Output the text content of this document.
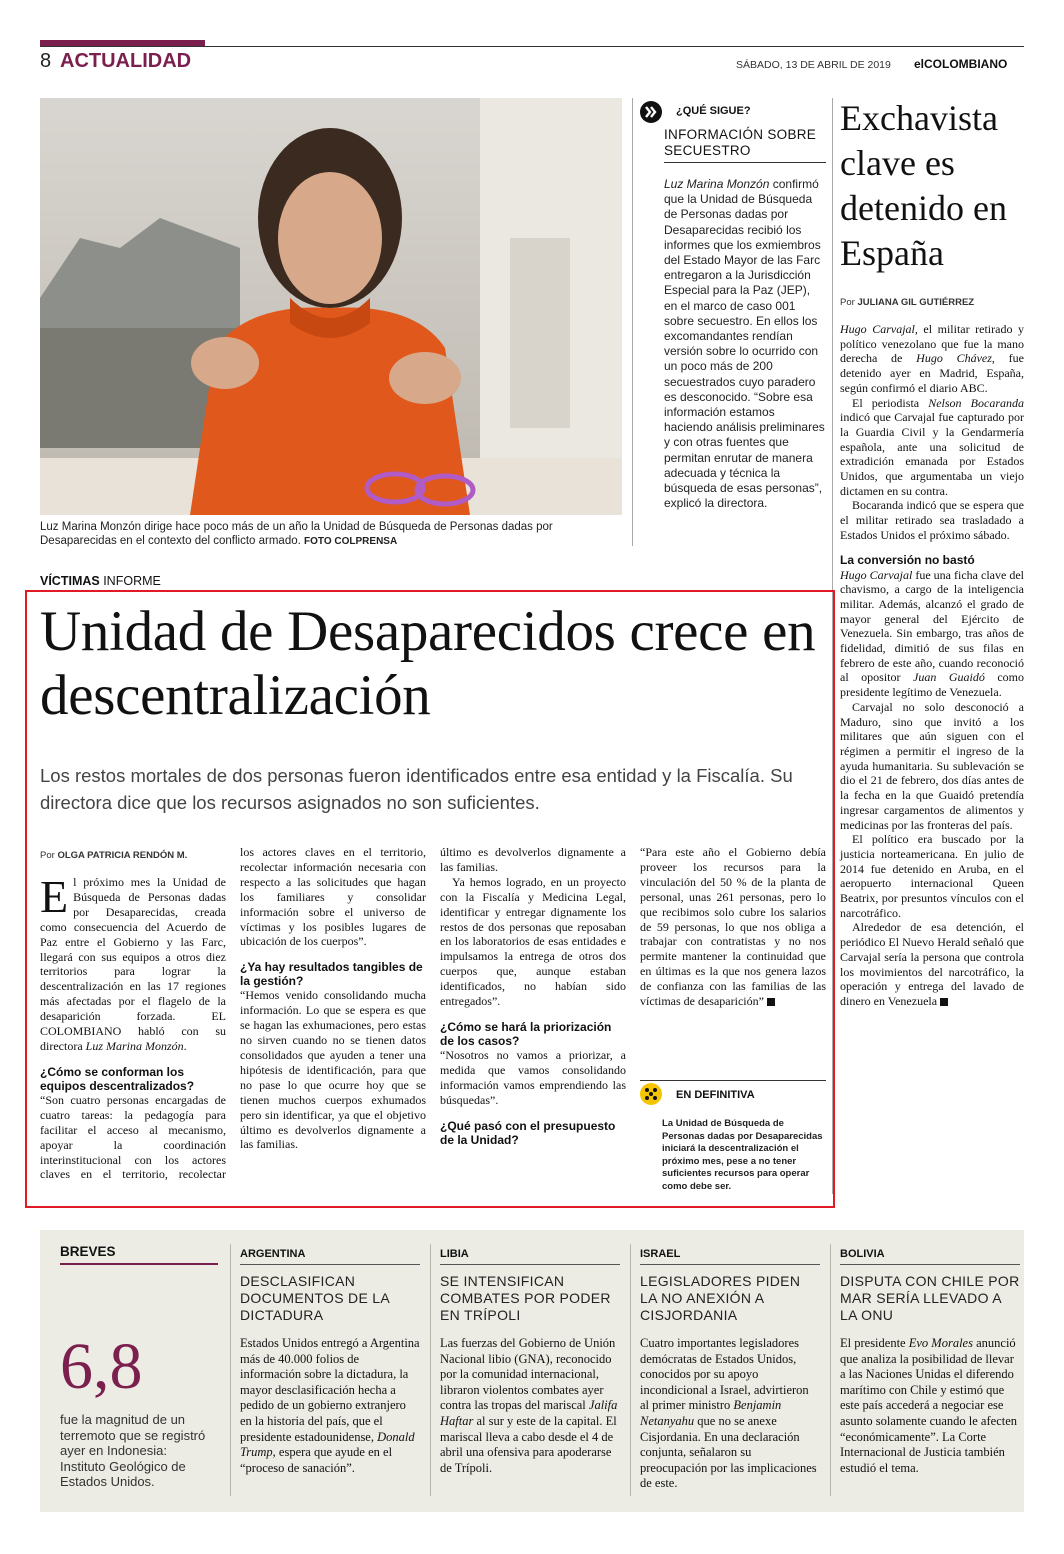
8 ACTUALIDAD	SÁBADO, 13 DE ABRIL DE 2019 elCOLOMBIANO
Luz Marina Monzón dirige hace poco más de un año la Unidad de Búsqueda de Personas dadas por Desaparecidas en el contexto del conflicto armado. FOTO COLPRENSA
¿QUÉ SIGUE?
INFORMACIÓN SOBRE SECUESTRO
Luz Marina Monzón confirmó que la Unidad de Búsqueda de Personas dadas por Desaparecidas recibió los informes que los exmiembros del Estado Mayor de las Farc entregaron a la Jurisdicción Especial para la Paz (JEP), en el marco de caso 001 sobre secuestro. En ellos los excomandantes rendían versión sobre lo ocurrido con un poco más de 200 secuestrados cuyo paradero es desconocido. “Sobre esa información estamos haciendo análisis preliminares y con otras fuentes que permitan enrutar de manera adecuada y técnica la búsqueda de esas personas”, explicó la directora.
Exchavista clave es detenido en España
Por JULIANA GIL GUTIÉRREZ

Hugo Carvajal, el militar retirado y político venezolano que fue la mano derecha de Hugo Chávez, fue detenido ayer en Madrid, España, según confirmó el diario ABC.

El periodista Nelson Bocaranda indicó que Carvajal fue capturado por la Guardia Civil y la Gendarmería española, ante una solicitud de extradición emanada por Estados Unidos, que argumentaba un viejo dictamen en su contra.

Bocaranda indicó que se espera que el militar retirado sea trasladado a Estados Unidos el próximo sábado.

La conversión no bastó

Hugo Carvajal fue una ficha clave del chavismo, a cargo de la inteligencia militar. Además, alcanzó el grado de mayor general del Ejército de Venezuela. Sin embargo, tras años de fidelidad, dimitió de sus filas en febrero de este año, cuando reconoció al opositor Juan Guaidó como presidente legítimo de Venezuela.

Carvajal no solo desconoció a Maduro, sino que invitó a los militares que aún siguen con el régimen a permitir el ingreso de la ayuda humanitaria. Su sublevación se dio el 21 de febrero, dos días antes de la fecha en la que Guaidó pretendía ingresar cargamentos de alimentos y medicinas por las fronteras del país.

El político era buscado por la justicia norteamericana. En julio de 2014 fue detenido en Aruba, en el aeropuerto internacional Queen Beatrix, por presuntos vínculos con el narcotráfico.

Alrededor de esa detención, el periódico El Nuevo Herald señaló que Carvajal sería la persona que controla los movimientos del narcotráfico, la operación y entrega del lavado de dinero en Venezuela

VÍCTIMAS INFORME
Unidad de Desaparecidos crece en descentralización
Los restos mortales de dos personas fueron identificados entre esa entidad y la Fiscalía. Su directora dice que los recursos asignados no son suficientes.
Por OLGA PATRICIA RENDÓN M.

El próximo mes la Unidad de Búsqueda de Personas dadas por Desaparecidas, creada como consecuencia del Acuerdo de Paz entre el Gobierno y las Farc, llegará con sus equipos a otros diez territorios para lograr la descentralización en las 17 regiones más afectadas por el flagelo de la desaparición forzada. EL COLOMBIANO habló con su directora Luz Marina Monzón.

¿Cómo se conforman los equipos descentralizados?

“Son cuatro personas encargadas de cuatro tareas: la pedagogía para facilitar el acceso al mecanismo, apoyar la coordinación interinstitucional con los actores claves en el territorio, recolectar

los actores claves en el territorio, recolectar información necesaria con respecto a las solicitudes que hagan los familiares y consolidar información sobre el universo de víctimas y los posibles lugares de ubicación de los cuerpos”.

¿Ya hay resultados tangibles de la gestión?

“Hemos venido consolidando mucha información. Lo que se espera es que se hagan las exhumaciones, pero estas no sirven cuando no se tienen datos consolidados que ayuden a tener una hipótesis de identificación, para que no pase lo que ocurre hoy que se tienen muchos cuerpos exhumados pero sin identificar, ya que el objetivo último es devolverlos dignamente a las familias.

último es devolverlos dignamente a las familias.

Ya hemos logrado, en un proyecto con la Fiscalía y Medicina Legal, identificar y entregar dignamente los restos de dos personas que reposaban en los laboratorios de esas entidades e impulsamos la entrega de otros dos cuerpos que, aunque estaban identificados, no habían sido entregados”.

¿Cómo se hará la priorización de los casos?

“Nosotros no vamos a priorizar, a medida que vamos consolidando información vamos emprendiendo las búsquedas”.

¿Qué pasó con el presupuesto de la Unidad?

“Para este año el Gobierno debía proveer los recursos para la vinculación del 50 % de la planta de personal, unas 261 personas, pero lo que recibimos solo cubre los salarios de 59 personas, lo que nos obliga a trabajar con contratistas y no nos permite mantener la continuidad que en últimas es la que nos genera lazos de confianza con las familias de las víctimas de desaparición”

EN DEFINITIVA
La Unidad de Búsqueda de Personas dadas por Desaparecidas iniciará la descentralización el próximo mes, pese a no tener suficientes recursos para operar como debe ser.
BREVES
6,8
fue la magnitud de un terremoto que se registró ayer en Indonesia: Instituto Geológico de Estados Unidos.
ARGENTINA
DESCLASIFICAN DOCUMENTOS DE LA DICTADURA
Estados Unidos entregó a Argentina más de 40.000 folios de información sobre la dictadura, la mayor desclasificación hecha a pedido de un gobierno extranjero en la historia del país, que el presidente estadounidense, Donald Trump, espera que ayude en el “proceso de sanación”.
LIBIA
SE INTENSIFICAN COMBATES POR PODER EN TRÍPOLI
Las fuerzas del Gobierno de Unión Nacional libio (GNA), reconocido por la comunidad internacional, libraron violentos combates ayer contra las tropas del mariscal Jalifa Haftar al sur y este de la capital. El mariscal lleva a cabo desde el 4 de abril una ofensiva para apoderarse de Trípoli.
ISRAEL
LEGISLADORES PIDEN LA NO ANEXIÓN A CISJORDANIA
Cuatro importantes legisladores demócratas de Estados Unidos, conocidos por su apoyo incondicional a Israel, advirtieron al primer ministro Benjamin Netanyahu que no se anexe Cisjordania. En una declaración conjunta, señalaron su preocupación por las implicaciones de este.
BOLIVIA
DISPUTA CON CHILE POR MAR SERÍA LLEVADO A LA ONU
El presidente Evo Morales anunció que analiza la posibilidad de llevar a las Naciones Unidas el diferendo marítimo con Chile y estimó que este país accederá a negociar ese asunto solamente cuando le afecten “económicamente”. La Corte Internacional de Justicia también estudió el tema.
